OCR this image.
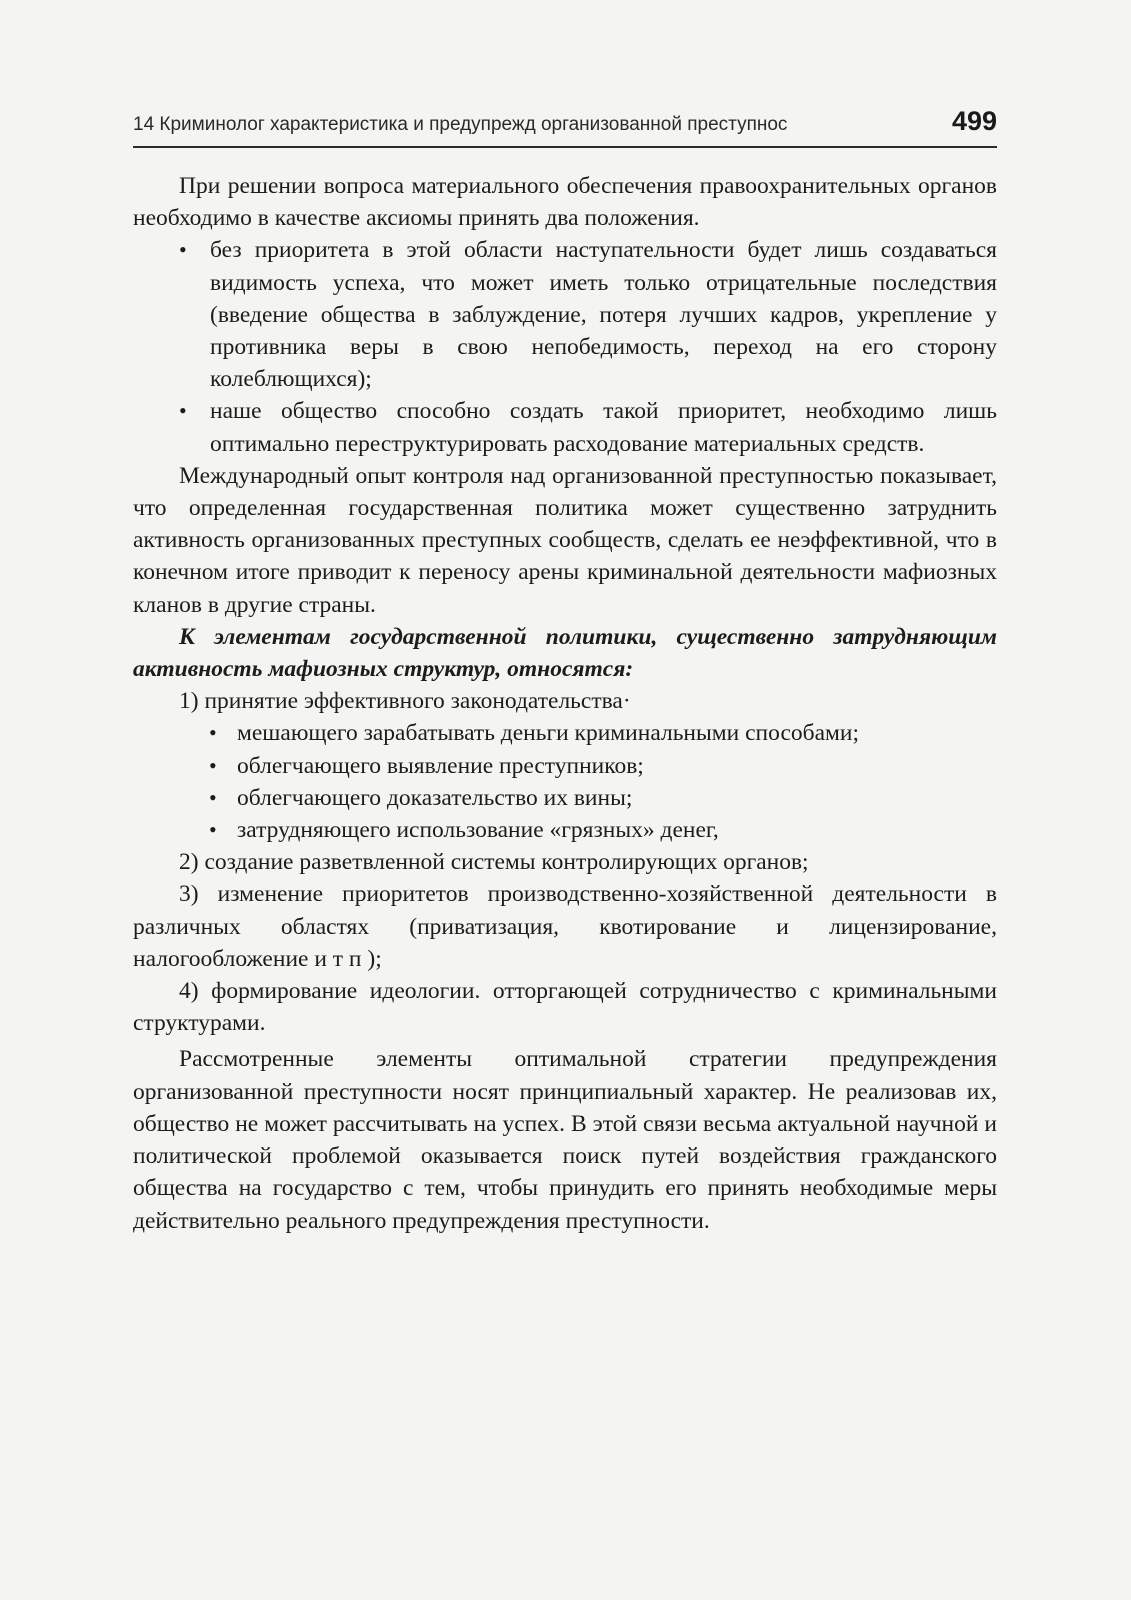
14 Криминолог характеристика и предупрежд организованной преступнос	499

При решении вопроса материального обеспечения правоохранительных органов необходимо в качестве аксиомы принять два положения.

• без приоритета в этой области наступательности будет лишь создаваться видимость успеха, что может иметь только отрицательные последствия (введение общества в заблуждение, потеря лучших кадров, укрепление у противника веры в свою непобедимость, переход на его сторону колеблющихся);
• наше общество способно создать такой приоритет, необходимо лишь оптимально переструктурировать расходование материальных средств.

Международный опыт контроля над организованной преступностью показывает, что определенная государственная политика может существенно затруднить активность организованных преступных сообществ, сделать ее неэффективной, что в конечном итоге приводит к переносу арены криминальной деятельности мафиозных кланов в другие страны.

К элементам государственной политики, существенно затрудняющим активность мафиозных структур, относятся:

1) принятие эффективного законодательства·

• мешающего зарабатывать деньги криминальными способами;
• облегчающего выявление преступников;
• облегчающего доказательство их вины;
• затрудняющего использование «грязных» денег,

2) создание разветвленной системы контролирующих органов;

3) изменение приоритетов производственно-хозяйственной деятельности в различных областях (приватизация, квотирование и лицензирование, налогообложение и т п );

4) формирование идеологии. отторгающей сотрудничество с криминальными структурами.

Рассмотренные элементы оптимальной стратегии предупреждения организованной преступности носят принципиальный характер. Не реализовав их, общество не может рассчитывать на успех. В этой связи весьма актуальной научной и политической проблемой оказывается поиск путей воздействия гражданского общества на государство с тем, чтобы принудить его принять необходимые меры действительно реального предупреждения преступности.
